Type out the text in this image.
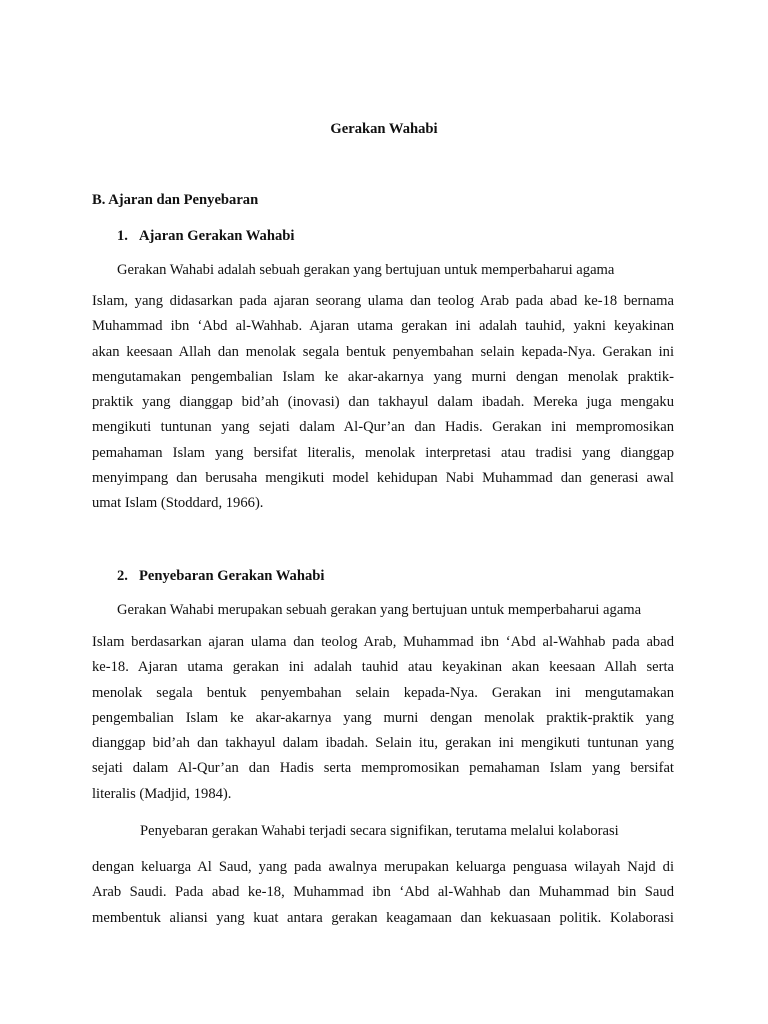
Gerakan Wahabi
B. Ajaran dan Penyebaran
1. Ajaran Gerakan Wahabi
Gerakan Wahabi adalah sebuah gerakan yang bertujuan untuk memperbaharui agama
Islam, yang didasarkan pada ajaran seorang ulama dan teolog Arab pada abad ke-18 bernama
Muhammad ibn ‘Abd al-Wahhab. Ajaran utama gerakan ini adalah tauhid, yakni keyakinan
akan keesaan Allah dan menolak segala bentuk penyembahan selain kepada-Nya. Gerakan ini
mengutamakan pengembalian Islam ke akar-akarnya yang murni dengan menolak praktik-
praktik yang dianggap bid’ah (inovasi) dan takhayul dalam ibadah. Mereka juga mengaku
mengikuti tuntunan yang sejati dalam Al-Qur’an dan Hadis. Gerakan ini mempromosikan
pemahaman Islam yang bersifat literalis, menolak interpretasi atau tradisi yang dianggap
menyimpang dan berusaha mengikuti model kehidupan Nabi Muhammad dan generasi awal
umat Islam (Stoddard, 1966).
2. Penyebaran Gerakan Wahabi
Gerakan Wahabi merupakan sebuah gerakan yang bertujuan untuk memperbaharui agama
Islam berdasarkan ajaran ulama dan teolog Arab, Muhammad ibn ‘Abd al-Wahhab pada abad
ke-18. Ajaran utama gerakan ini adalah tauhid atau keyakinan akan keesaan Allah serta
menolak segala bentuk penyembahan selain kepada-Nya. Gerakan ini mengutamakan
pengembalian Islam ke akar-akarnya yang murni dengan menolak praktik-praktik yang
dianggap bid’ah dan takhayul dalam ibadah. Selain itu, gerakan ini mengikuti tuntunan yang
sejati dalam Al-Qur’an dan Hadis serta mempromosikan pemahaman Islam yang bersifat
literalis (Madjid, 1984).
Penyebaran gerakan Wahabi terjadi secara signifikan, terutama melalui kolaborasi
dengan keluarga Al Saud, yang pada awalnya merupakan keluarga penguasa wilayah Najd di
Arab Saudi. Pada abad ke-18, Muhammad ibn ‘Abd al-Wahhab dan Muhammad bin Saud
membentuk aliansi yang kuat antara gerakan keagamaan dan kekuasaan politik. Kolaborasi
